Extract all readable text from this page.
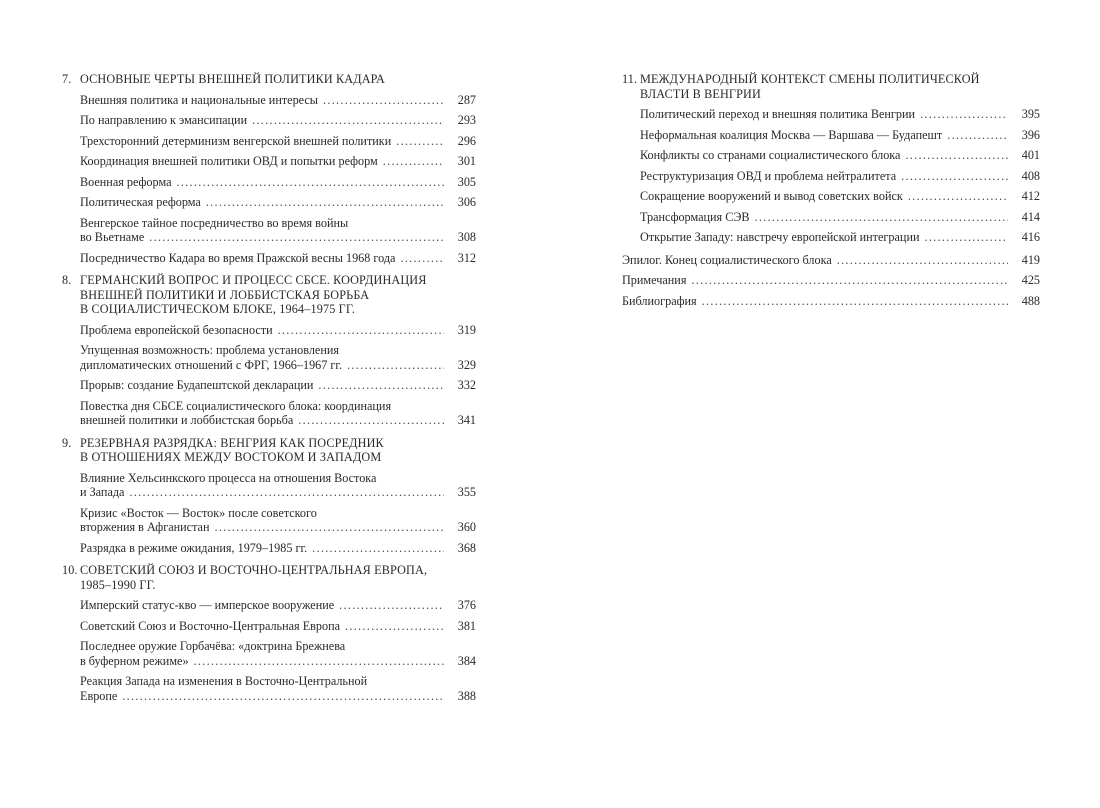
7. ОСНОВНЫЕ ЧЕРТЫ ВНЕШНЕЙ ПОЛИТИКИ КАДАРА
Внешняя политика и национальные интересы .....	287
По направлению к эмансипации .....	293
Трехсторонний детерминизм венгерской внешней политики .....	296
Координация внешней политики ОВД и попытки реформ .....	301
Военная реформа .....	305
Политическая реформа .....	306
Венгерское тайное посредничество во время войны
во Вьетнаме .....	308
Посредничество Кадара во время Пражской весны 1968 года .....	312
8. ГЕРМАНСКИЙ ВОПРОС И ПРОЦЕСС СБСЕ. КООРДИНАЦИЯ
ВНЕШНЕЙ ПОЛИТИКИ И ЛОББИСТСКАЯ БОРЬБА
В СОЦИАЛИСТИЧЕСКОМ БЛОКЕ, 1964–1975 ГГ.
Проблема европейской безопасности .....	319
Упущенная возможность: проблема установления
дипломатических отношений с ФРГ, 1966–1967 гг. .....	329
Прорыв: создание Будапештской декларации .....	332
Повестка дня СБСЕ социалистического блока: координация
внешней политики и лоббистская борьба .....	341
9. РЕЗЕРВНАЯ РАЗРЯДКА: ВЕНГРИЯ КАК ПОСРЕДНИК
В ОТНОШЕНИЯХ МЕЖДУ ВОСТОКОМ И ЗАПАДОМ
Влияние Хельсинкского процесса на отношения Востока
и Запада .....	355
Кризис «Восток — Восток» после советского
вторжения в Афганистан .....	360
Разрядка в режиме ожидания, 1979–1985 гг. .....	368
10. СОВЕТСКИЙ СОЮЗ И ВОСТОЧНО-ЦЕНТРАЛЬНАЯ ЕВРОПА,
1985–1990 ГГ.
Имперский статус-кво — имперское вооружение .....	376
Советский Союз и Восточно-Центральная Европа .....	381
Последнее оружие Горбачёва: «доктрина Брежнева
в буферном режиме» .....	384
Реакция Запада на изменения в Восточно-Центральной
Европе .....	388
11. МЕЖДУНАРОДНЫЙ КОНТЕКСТ СМЕНЫ ПОЛИТИЧЕСКОЙ
ВЛАСТИ В ВЕНГРИИ
Политический переход и внешняя политика Венгрии .....	395
Неформальная коалиция Москва — Варшава — Будапешт .....	396
Конфликты со странами социалистического блока .....	401
Реструктуризация ОВД и проблема нейтралитета .....	408
Сокращение вооружений и вывод советских войск .....	412
Трансформация СЭВ .....	414
Открытие Западу: навстречу европейской интеграции .....	416
Эпилог. Конец социалистического блока .....	419
Примечания .....	425
Библиография .....	488
